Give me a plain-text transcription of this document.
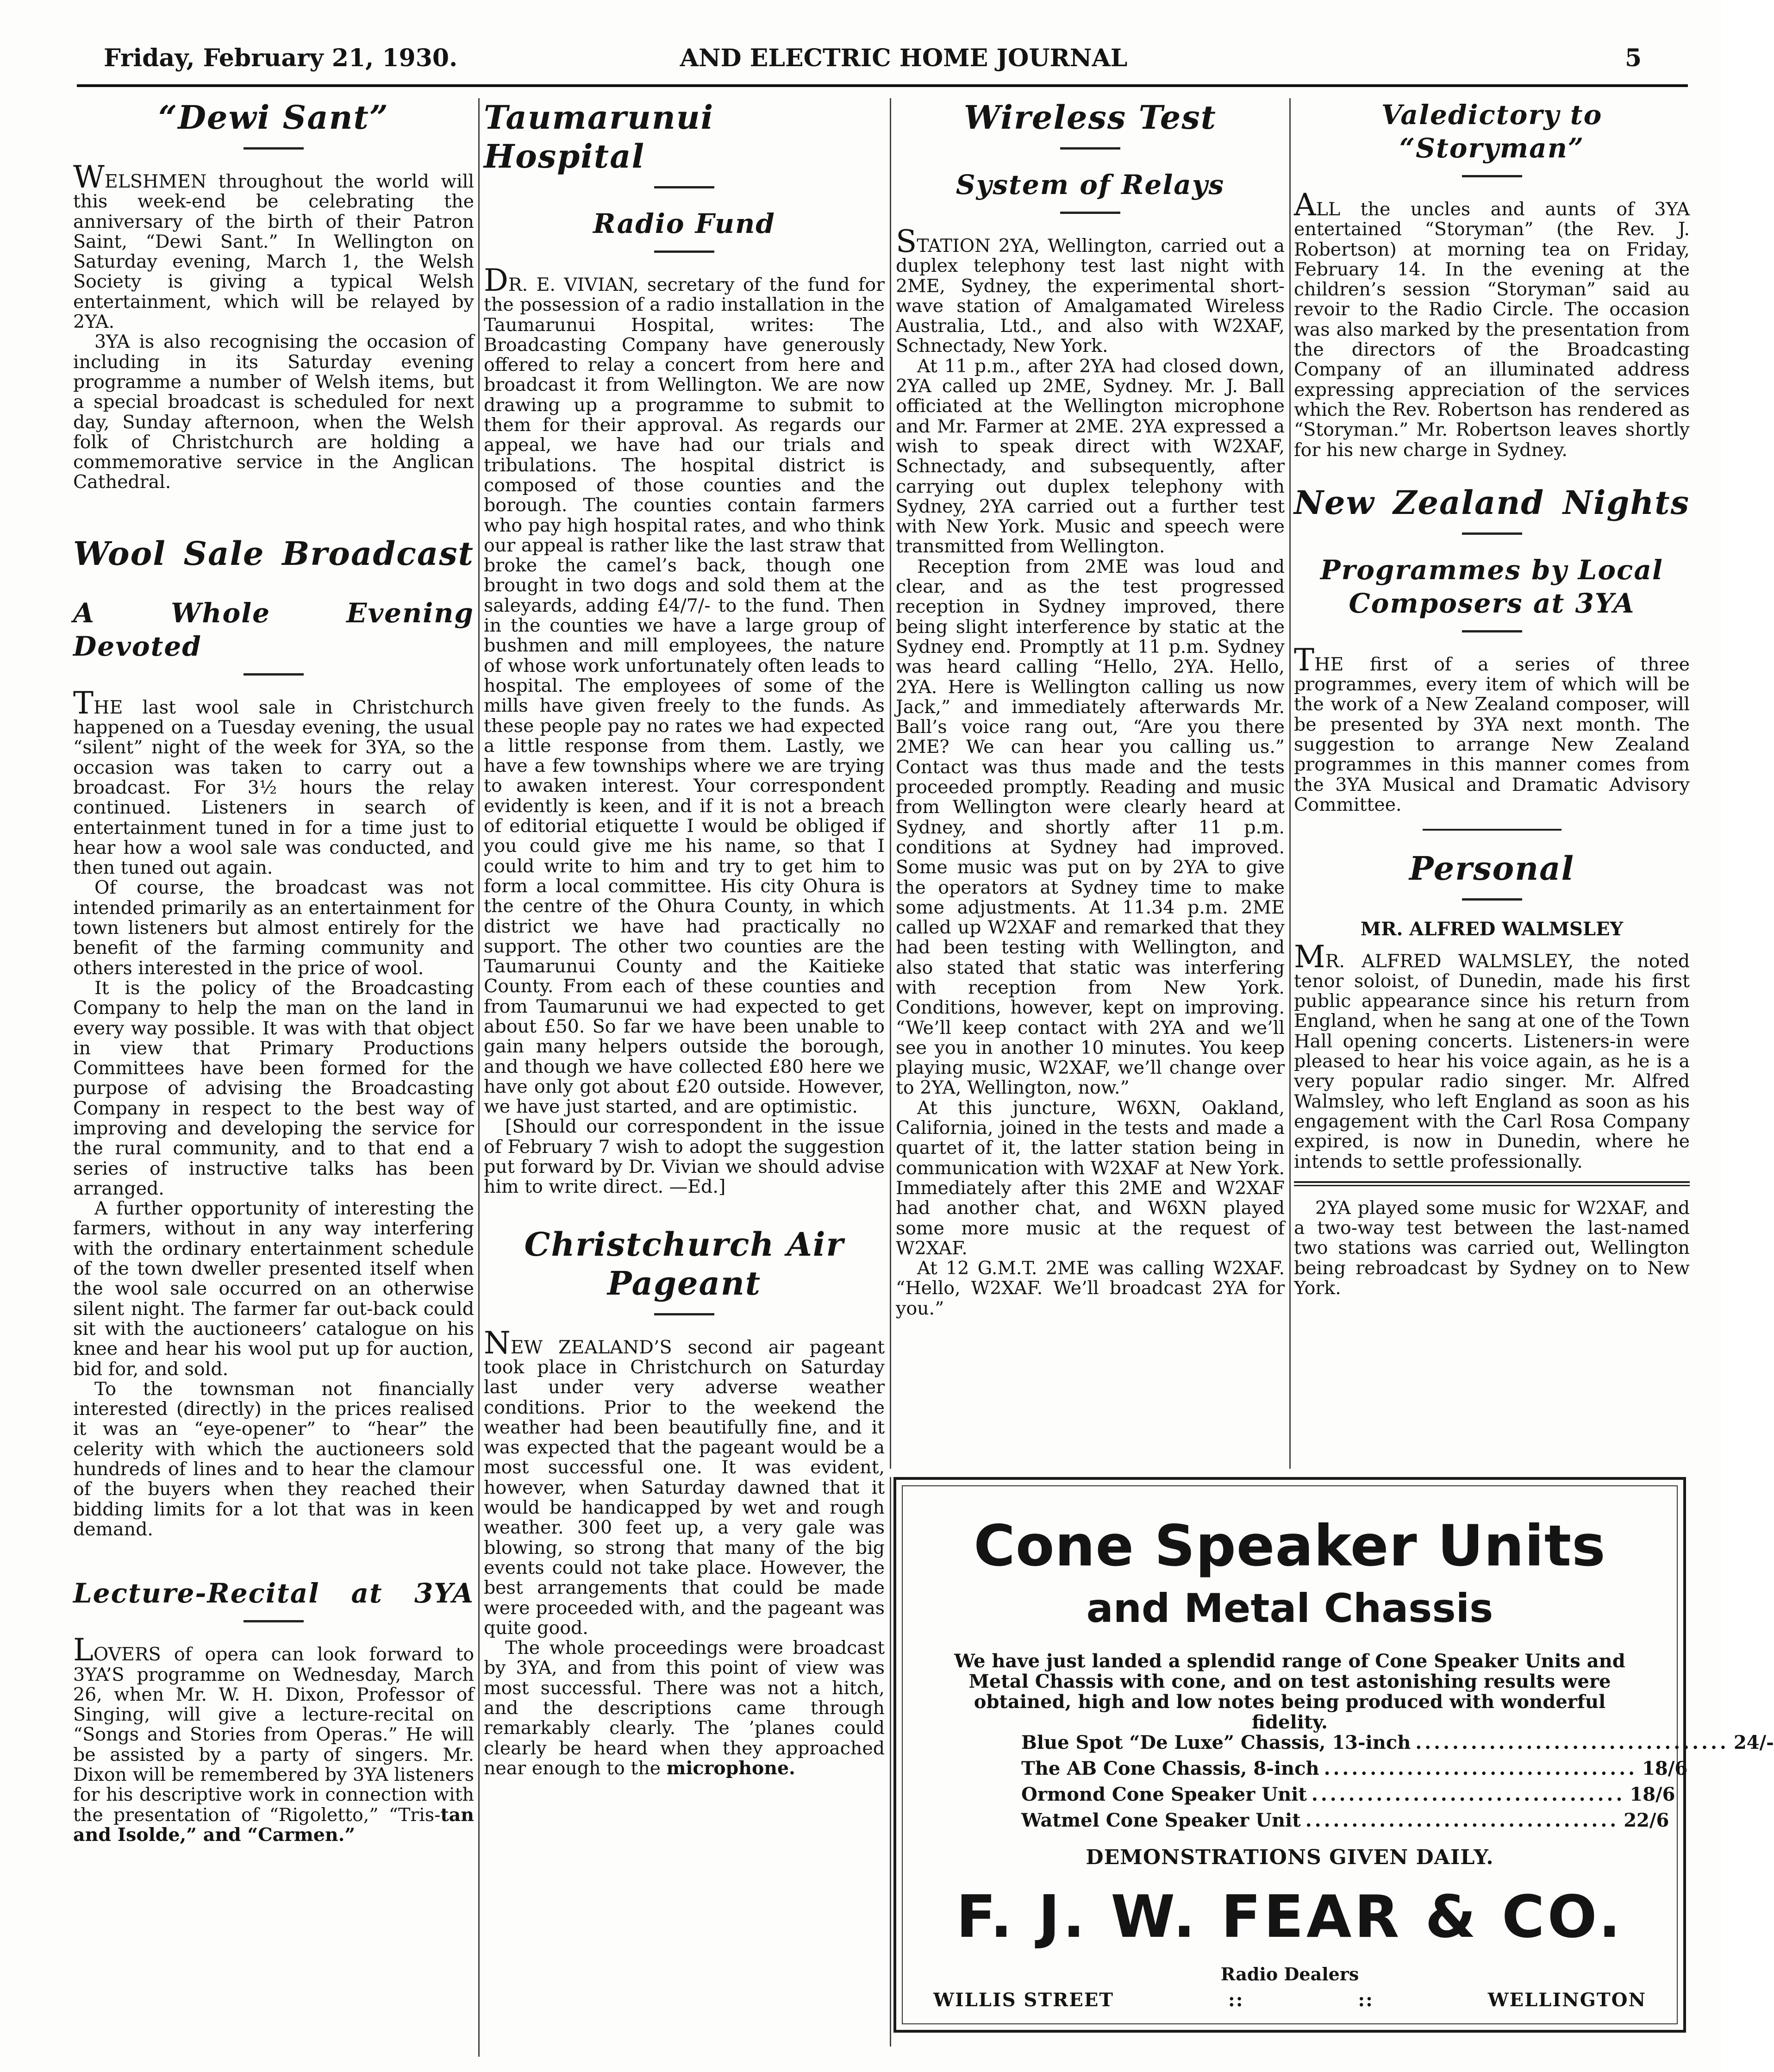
Friday, February 21, 1930.	AND ELECTRIC HOME JOURNAL	5
“Dewi Sant”

WELSHMEN throughout the world will this week-end be celebrating the anniversary of the birth of their Patron Saint, “Dewi Sant.” In Wellington on Saturday evening, March 1, the Welsh Society is giving a typical Welsh entertainment, which will be relayed by 2YA.

3YA is also recognising the occasion of including in its Saturday evening programme a number of Welsh items, but a special broadcast is scheduled for next day, Sunday afternoon, when the Welsh folk of Christchurch are holding a commemorative service in the Anglican Cathedral.

Wool Sale Broadcast
A Whole Evening Devoted

THE last wool sale in Christchurch happened on a Tuesday evening, the usual “silent” night of the week for 3YA, so the occasion was taken to carry out a broadcast. For 3½ hours the relay continued. Listeners in search of entertainment tuned in for a time just to hear how a wool sale was conducted, and then tuned out again.

Of course, the broadcast was not intended primarily as an entertainment for town listeners but almost entirely for the benefit of the farming community and others interested in the price of wool.

It is the policy of the Broadcasting Company to help the man on the land in every way possible. It was with that object in view that Primary Productions Committees have been formed for the purpose of advising the Broadcasting Company in respect to the best way of improving and developing the service for the rural community, and to that end a series of instructive talks has been arranged.

A further opportunity of interesting the farmers, without in any way interfering with the ordinary entertainment schedule of the town dweller presented itself when the wool sale occurred on an otherwise silent night. The farmer far out-back could sit with the auctioneers’ catalogue on his knee and hear his wool put up for auction, bid for, and sold.

To the townsman not financially interested (directly) in the prices realised it was an “eye-opener” to “hear” the celerity with which the auctioneers sold hundreds of lines and to hear the clamour of the buyers when they reached their bidding limits for a lot that was in keen demand.

Lecture-Recital at 3YA

LOVERS of opera can look forward to 3YA’S programme on Wednesday, March 26, when Mr. W. H. Dixon, Professor of Singing, will give a lecture-recital on “Songs and Stories from Operas.” He will be assisted by a party of singers. Mr. Dixon will be remembered by 3YA listeners for his descriptive work in connection with the presentation of “Rigoletto,” “Tris-tan and Isolde,” and “Carmen.”

Taumarunui Hospital
Radio Fund

DR. E. VIVIAN, secretary of the fund for the possession of a radio installation in the Taumarunui Hospital, writes: The Broadcasting Company have generously offered to relay a concert from here and broadcast it from Wellington. We are now drawing up a programme to submit to them for their approval. As regards our appeal, we have had our trials and tribulations. The hospital district is composed of those counties and the borough. The counties contain farmers who pay high hospital rates, and who think our appeal is rather like the last straw that broke the camel’s back, though one brought in two dogs and sold them at the saleyards, adding £4/7/- to the fund. Then in the counties we have a large group of bushmen and mill employees, the nature of whose work unfortunately often leads to hospital. The employees of some of the mills have given freely to the funds. As these people pay no rates we had expected a little response from them. Lastly, we have a few townships where we are trying to awaken interest. Your correspondent evidently is keen, and if it is not a breach of editorial etiquette I would be obliged if you could give me his name, so that I could write to him and try to get him to form a local committee. His city Ohura is the centre of the Ohura County, in which district we have had practically no support. The other two counties are the Taumarunui County and the Kaitieke County. From each of these counties and from Taumarunui we had expected to get about £50. So far we have been unable to gain many helpers outside the borough, and though we have collected £80 here we have only got about £20 outside. However, we have just started, and are optimistic.

[Should our correspondent in the issue of February 7 wish to adopt the suggestion put forward by Dr. Vivian we should advise him to write direct. —Ed.]

Christchurch Air
Pageant

NEW ZEALAND’S second air pageant took place in Christchurch on Saturday last under very adverse weather conditions. Prior to the weekend the weather had been beautifully fine, and it was expected that the pageant would be a most successful one. It was evident, however, when Saturday dawned that it would be handicapped by wet and rough weather. 300 feet up, a very gale was blowing, so strong that many of the big events could not take place. However, the best arrangements that could be made were proceeded with, and the pageant was quite good.

The whole proceedings were broadcast by 3YA, and from this point of view was most successful. There was not a hitch, and the descriptions came through remarkably clearly. The ’planes could clearly be heard when they approached near enough to the microphone.

Wireless Test
System of Relays

STATION 2YA, Wellington, carried out a duplex telephony test last night with 2ME, Sydney, the experimental short-wave station of Amalgamated Wireless Australia, Ltd., and also with W2XAF, Schnectady, New York.

At 11 p.m., after 2YA had closed down, 2YA called up 2ME, Sydney. Mr. J. Ball officiated at the Wellington microphone and Mr. Farmer at 2ME. 2YA expressed a wish to speak direct with W2XAF, Schnectady, and subsequently, after carrying out duplex telephony with Sydney, 2YA carried out a further test with New York. Music and speech were transmitted from Wellington.

Reception from 2ME was loud and clear, and as the test progressed reception in Sydney improved, there being slight interference by static at the Sydney end. Promptly at 11 p.m. Sydney was heard calling “Hello, 2YA. Hello, 2YA. Here is Wellington calling us now Jack,” and immediately afterwards Mr. Ball’s voice rang out, “Are you there 2ME? We can hear you calling us.” Contact was thus made and the tests proceeded promptly. Reading and music from Wellington were clearly heard at Sydney, and shortly after 11 p.m. conditions at Sydney had improved. Some music was put on by 2YA to give the operators at Sydney time to make some adjustments. At 11.34 p.m. 2ME called up W2XAF and remarked that they had been testing with Wellington, and also stated that static was interfering with reception from New York. Conditions, however, kept on improving. “We’ll keep contact with 2YA and we’ll see you in another 10 minutes. You keep playing music, W2XAF, we’ll change over to 2YA, Wellington, now.”

At this juncture, W6XN, Oakland, California, joined in the tests and made a quartet of it, the latter station being in communication with W2XAF at New York. Immediately after this 2ME and W2XAF had another chat, and W6XN played some more music at the request of W2XAF.

At 12 G.M.T. 2ME was calling W2XAF. “Hello, W2XAF. We’ll broadcast 2YA for you.”

Valedictory to “Storyman”

ALL the uncles and aunts of 3YA entertained “Storyman” (the Rev. J. Robertson) at morning tea on Friday, February 14. In the evening at the children’s session “Storyman” said au revoir to the Radio Circle. The occasion was also marked by the presentation from the directors of the Broadcasting Company of an illuminated address expressing appreciation of the services which the Rev. Robertson has rendered as “Storyman.” Mr. Robertson leaves shortly for his new charge in Sydney.

New Zealand Nights
Programmes by Local Composers at 3YA

THE first of a series of three programmes, every item of which will be the work of a New Zealand composer, will be presented by 3YA next month. The suggestion to arrange New Zealand programmes in this manner comes from the 3YA Musical and Dramatic Advisory Committee.

Personal
MR. ALFRED WALMSLEY

MR. ALFRED WALMSLEY, the noted tenor soloist, of Dunedin, made his first public appearance since his return from England, when he sang at one of the Town Hall opening concerts. Listeners-in were pleased to hear his voice again, as he is a very popular radio singer. Mr. Alfred Walmsley, who left England as soon as his engagement with the Carl Rosa Company expired, is now in Dunedin, where he intends to settle professionally.

2YA played some music for W2XAF, and a two-way test between the last-named two stations was carried out, Wellington being rebroadcast by Sydney on to New York.

Cone Speaker Units
and Metal Chassis
We have just landed a splendid range of Cone Speaker Units and Metal Chassis with cone, and on test astonishing results were obtained, high and low notes being produced with wonderful fidelity.
Blue Spot “De Luxe” Chassis, 13-inch .................................. 24/-
The AB Cone Chassis, 8-inch .................................. 18/6
Ormond Cone Speaker Unit .................................. 18/6
Watmel Cone Speaker Unit .................................. 22/6
DEMONSTRATIONS GIVEN DAILY.
F. J. W. FEAR & CO.
Radio Dealers
WILLIS STREET	::	::	WELLINGTON
